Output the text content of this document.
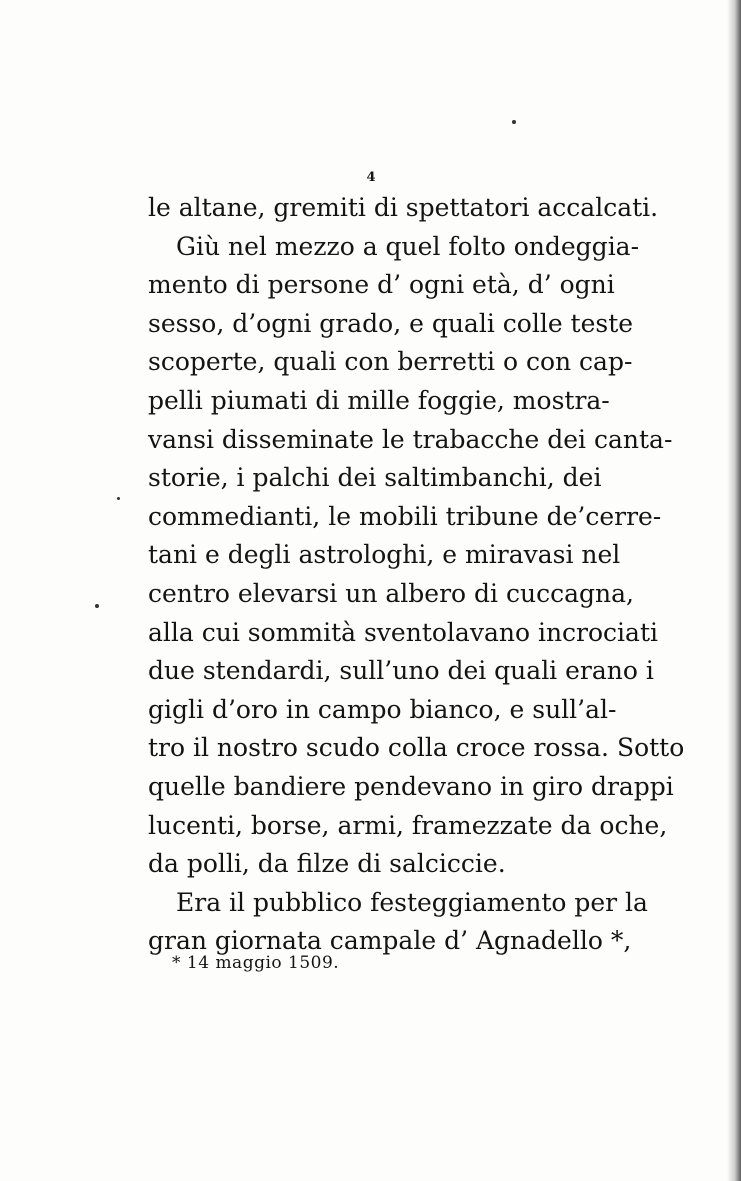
4
le altane, gremiti di spettatori accalcati.
Giù nel mezzo a quel folto ondeggia-
mento di persone d’ ogni età, d’ ogni
sesso, d’ogni grado, e quali colle teste
scoperte, quali con berretti o con cap-
pelli piumati di mille foggie, mostra-
vansi disseminate le trabacche dei canta-
storie, i palchi dei saltimbanchi, dei
commedianti, le mobili tribune de’cerre-
tani e degli astrologhi, e miravasi nel
centro elevarsi un albero di cuccagna,
alla cui sommità sventolavano incrociati
due stendardi, sull’uno dei quali erano i
gigli d’oro in campo bianco, e sull’al-
tro il nostro scudo colla croce rossa. Sotto
quelle bandiere pendevano in giro drappi
lucenti, borse, armi, framezzate da oche,
da polli, da filze di salciccie.
Era il pubblico festeggiamento per la
gran giornata campale d’ Agnadello *,
* 14 maggio 1509.
